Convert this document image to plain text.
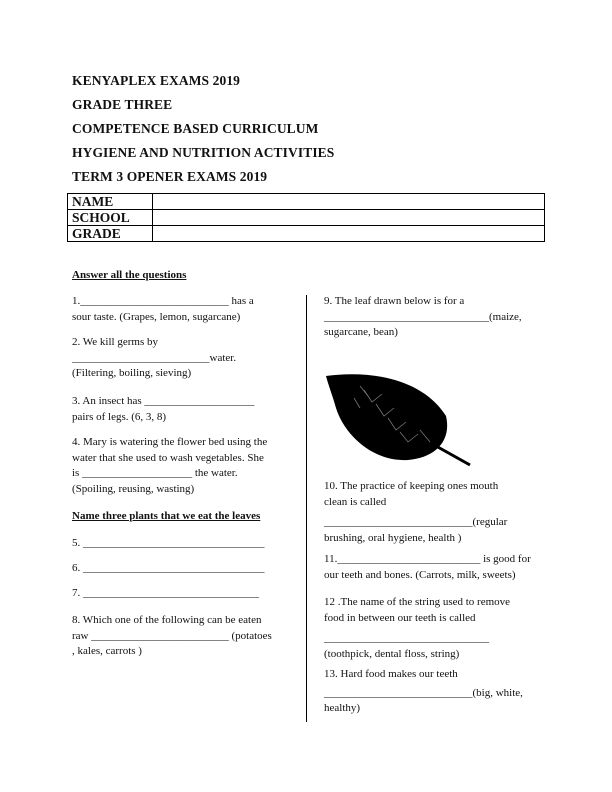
KENYAPLEX EXAMS 2019
GRADE THREE
COMPETENCE BASED CURRICULUM
HYGIENE AND NUTRITION ACTIVITIES
TERM 3 OPENER EXAMS 2019
NAME	
SCHOOL	
GRADE	

Answer all the questions

1.___________________________ has a

sour taste. (Grapes, lemon, sugarcane)

2. We kill germs by

_________________________water.

(Filtering, boiling, sieving)

3. An insect has ____________________

pairs of legs. (6, 3, 8)

4. Mary is watering the flower bed using the

water that she used to wash vegetables. She

is ____________________ the water.

(Spoiling, reusing, wasting)

Name three plants that we eat the leaves

5. _________________________________

6. _________________________________

7. ________________________________

8. Which one of the following can be eaten

raw _________________________ (potatoes

, kales, carrots )

9. The leaf drawn below is for a

______________________________(maize,

sugarcane, bean)

10. The practice of keeping ones mouth

clean is called

___________________________(regular

brushing, oral hygiene, health )

11.__________________________ is good for

our teeth and bones. (Carrots, milk, sweets)

12 .The name of the string used to remove

food in between our teeth is called

______________________________

(toothpick, dental floss, string)

13. Hard food makes our teeth

___________________________(big, white,

healthy)
